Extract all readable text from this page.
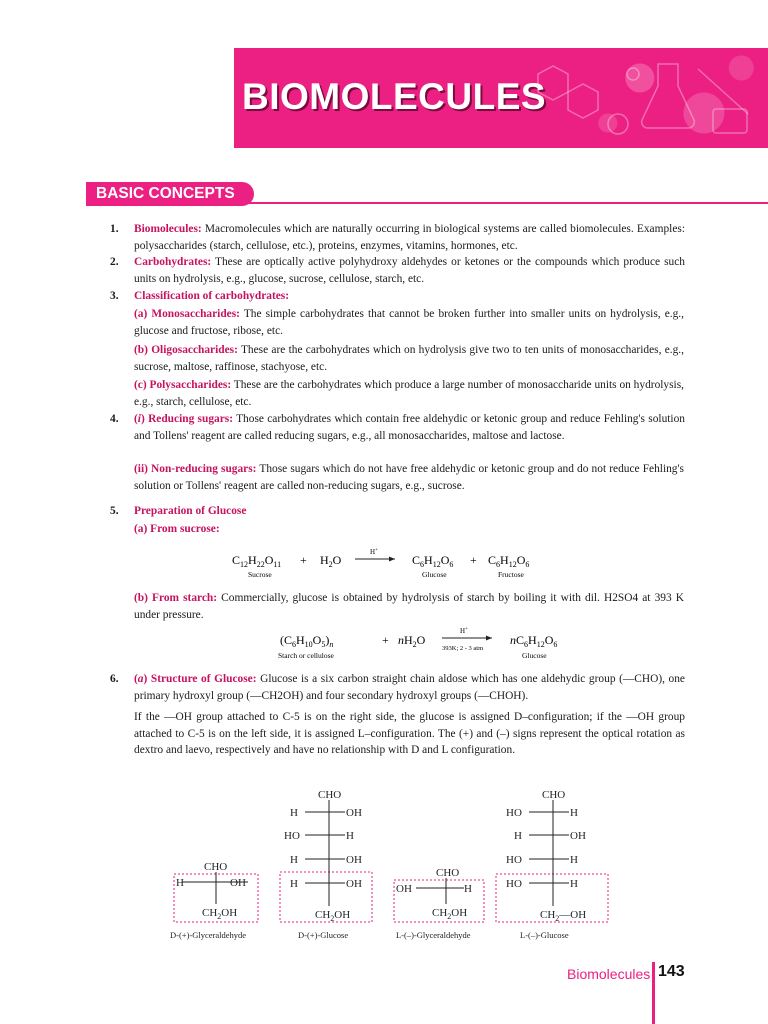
BIOMOLECULES
BASIC CONCEPTS
1.	Biomolecules: Macromolecules which are naturally occurring in biological systems are called biomolecules. Examples: polysaccharides (starch, cellulose, etc.), proteins, enzymes, vitamins, hormones, etc.
2.	Carbohydrates: These are optically active polyhydroxy aldehydes or ketones or the compounds which produce such units on hydrolysis, e.g., glucose, sucrose, cellulose, starch, etc.
3.	Classification of carbohydrates:
(a) Monosaccharides: The simple carbohydrates that cannot be broken further into smaller units on hydrolysis, e.g., glucose and fructose, ribose, etc.
(b) Oligosaccharides: These are the carbohydrates which on hydrolysis give two to ten units of monosaccharides, e.g., sucrose, maltose, raffinose, stachyose, etc.
(c) Polysaccharides: These are the carbohydrates which produce a large number of monosaccharide units on hydrolysis, e.g., starch, cellulose, etc.
4.	(i) Reducing sugars: Those carbohydrates which contain free aldehydic or ketonic group and reduce Fehling's solution and Tollens' reagent are called reducing sugars, e.g., all monosaccharides, maltose and lactose.
(ii) Non-reducing sugars: Those sugars which do not have free aldehydic or ketonic group and do not reduce Fehling's solution or Tollens' reagent are called non-reducing sugars, e.g., sucrose.
5.	Preparation of Glucose
(a) From sucrose:
$C_{12}H_{22}O_{11} + H_2O$
H+
$C_6H_{12}O_6 + C_6H_{12}O_6$
Sucrose	Glucose	Fructose
(b) From starch: Commercially, glucose is obtained by hydrolysis of starch by boiling it with dil. H2SO4 at 393 K under pressure.
$(C_6H_{10}O_5)_n$	+ $nH_2O$
H+
393K; 2 - 3 atm
$nC_6H_{12}O_6$
Starch or cellulose	Glucose
6.	(a) Structure of Glucose: Glucose is a six carbon straight chain aldose which has one aldehydic group (—CHO), one primary hydroxyl group (—CH2OH) and four secondary hydroxyl groups (—CHOH).
If the —OH group attached to C-5 is on the right side, the glucose is assigned D–configuration; if the —OH group attached to C-5 is on the left side, it is assigned L–configuration. The (+) and (–) signs represent the optical rotation as dextro and laevo, respectively and have no relationship with D and L configuration.
CHO
H	OH
$CH_2OH$
CHO
H	OH
HO	H
H	OH
H	OH
$CH_2OH$
CHO
OH	H
$CH_2OH$
CHO
HO	H
H	OH
HO	H
HO	H
$CH_2—OH$
D-(+)-Glyceraldehyde	D-(+)-Glucose	L-(–)-Glyceraldehyde	L-(–)-Glucose
Biomolecules 143
